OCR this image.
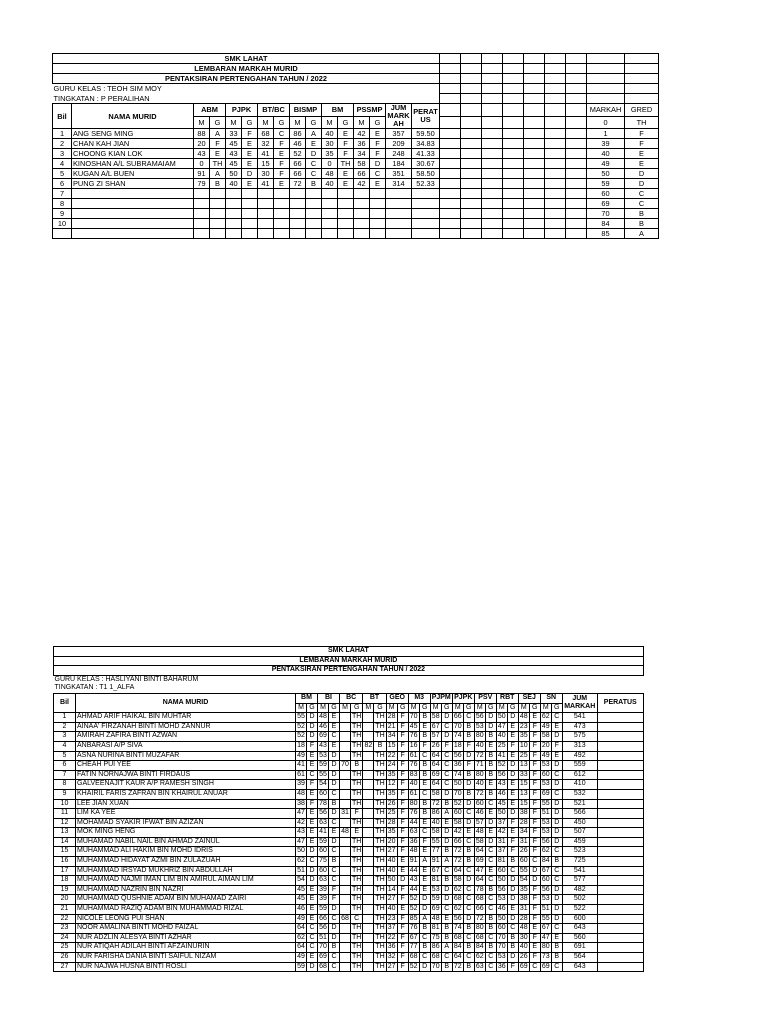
SMK LAHAT																								
LEMBARAN MARKAH MURID																								
PENTAKSIRAN PERTENGAHAN TAHUN / 2022																								
GURU KELAS : TEOH SIM MOY																								
TINGKATAN : P PERALIHAN																								
Bil	NAMA MURID	ABM		PJPK		BT/BC		BISMP		BM		PSSMP		JUM MARK AH	PERAT US								MARKAH	GRED
		M	G	M	G	M	G	M	G	M	G	M	G										0	TH
1	ANG SENG MING	88	A	33	F	68	C	86	A	40	E	42	E	357	59.50								1	F
2	CHAN KAH JIAN	20	F	45	E	32	F	46	E	30	F	36	F	209	34.83								39	F
3	CHOONG KIAN LOK	43	E	43	E	41	E	52	D	35	F	34	F	248	41.33								40	E
4	KINOSHAN A/L SUBRAMAIAM	0	TH	45	E	15	F	66	C	0	TH	58	D	184	30.67								49	E
5	KUGAN A/L BUEN	91	A	50	D	30	F	66	C	48	E	66	C	351	58.50								50	D
6	PUNG ZI SHAN	79	B	40	E	41	E	72	B	40	E	42	E	314	52.33								59	D
7																							60	C
8																							69	C
9																							70	B
10																							84	B
																							85	A
SMK LAHAT																											
LEMBARAN MARKAH MURID																											
PENTAKSIRAN PERTENGAHAN TAHUN / 2022																											
GURU KELAS : HASLIYANI BINTI BAHARUM																											
TINGKATAN : T1 1_ALFA																											
Bil	NAMA MURID	BM		BI		BC		BT		GEO		M3		PJPM		PJPK		PSV		RBT		SEJ		SN		JUM MARKAH	PERATUS
		M	G	M	G	M	G	M	G	M	G	M	G	M	G	M	G	M	G	M	G	M	G	M	G		
1	AHMAD ARIF HAIKAL BIN MUHTAR	55	D	48	E		TH		TH	28	F	70	B	58	D	66	C	56	D	50	D	48	E	62	C	541	
2	AINAA' FIRZANAH BINTI MOHD ZANNUR	52	D	46	E		TH		TH	21	F	45	E	67	C	70	B	53	D	47	E	23	F	49	E	473	
3	AMIRAH ZAFIRA BINTI AZWAN	52	D	69	C		TH		TH	34	F	76	B	57	D	74	B	80	B	40	E	35	F	58	D	575	
4	ANBARASI A/P SIVA	18	F	43	E		TH	82	B	15	F	16	F	26	F	18	F	40	E	25	F	10	F	20	F	313	
5	ASNA NURINA BINTI MUZAFAR	49	E	53	D		TH		TH	22	F	61	C	64	C	56	D	72	B	41	E	25	F	49	E	492	
6	CHEAH PUI YEE	41	E	59	D	70	B		TH	24	F	76	B	64	C	36	F	71	B	52	D	13	F	53	D	559	
7	FATIN NORNAJWA BINTI FIRDAUS	61	C	55	D		TH		TH	35	F	83	B	69	C	74	B	80	B	56	D	33	F	60	C	612	
8	GALVEENAJIT KAUR A/P RAMESH SINGH	39	F	54	D		TH		TH	12	F	40	E	64	C	50	D	40	E	43	E	15	F	53	D	410	
9	KHAIRIL FARIS ZAFRAN BIN KHAIRUL ANUAR	48	E	60	C		TH		TH	35	F	61	C	58	D	70	B	72	B	46	E	13	F	69	C	532	
10	LEE JIAN XUAN	38	F	78	B		TH		TH	26	F	80	B	72	B	52	D	60	C	45	E	15	F	55	D	521	
11	LIM KA YEE	47	E	56	D	31	F		TH	25	F	76	B	86	A	60	C	46	E	50	D	38	F	51	D	566	
12	MOHAMAD SYAKIR IFWAT BIN AZIZAN	42	E	63	C		TH		TH	28	F	44	E	40	E	58	D	57	D	37	F	28	F	53	D	450	
13	MOK MING HENG	43	E	41	E	48	E		TH	35	F	63	C	58	D	42	E	48	E	42	E	34	F	53	D	507	
14	MUHAMAD NABIL NAIL BIN AHMAD ZAINUL	47	E	59	D		TH		TH	20	F	36	F	55	D	66	C	58	D	31	F	31	F	56	D	459	
15	MUHAMMAD ALI HAKIM BIN MOHD IDRIS	50	D	60	C		TH		TH	27	F	48	E	77	B	72	B	64	C	37	F	26	F	62	C	523	
16	MUHAMMAD HIDAYAT AZMI BIN ZULAZUAH	62	C	75	B		TH		TH	40	E	91	A	91	A	72	B	69	C	81	B	60	C	84	B	725	
17	MUHAMMAD IRSYAD MUKHRIZ BIN ABDULLAH	51	D	60	C		TH		TH	40	E	44	E	67	C	64	C	47	E	60	C	55	D	67	C	541	
18	MUHAMMAD NAJMI IMAN LIM BIN AMIRUL AIMAN LIM	54	D	63	C		TH		TH	50	D	43	E	81	B	58	D	64	C	50	D	54	D	60	C	577	
19	MUHAMMAD NAZRIN BIN NAZRI	45	E	39	F		TH		TH	14	F	44	E	53	D	62	C	78	B	56	D	35	F	56	D	482	
20	MUHAMMAD QUSHNIE ADAM BIN MUHAMAD ZAIRI	45	E	39	F		TH		TH	27	F	52	D	59	D	68	C	68	C	53	D	38	F	53	D	502	
21	MUHAMMAD RAZIQ ADAM BIN MUHAMMAD RIZAL	46	E	59	D		TH		TH	40	E	52	D	69	C	62	C	66	C	46	E	31	F	51	D	522	
22	NICOLE LEONG PUI SHAN	49	E	66	C	68	C		TH	23	F	85	A	48	E	56	D	72	B	50	D	28	F	55	D	600	
23	NOOR AMALINA BINTI MOHD FAIZAL	64	C	56	D		TH		TH	37	F	76	B	81	B	74	B	80	B	60	C	48	E	67	C	643	
24	NUR ADZLIN ALESYA BINTI AZHAR	62	C	51	D		TH		TH	22	F	67	C	75	B	68	C	68	C	70	B	30	F	47	E	560	
25	NUR ATIQAH ADILAH BINTI AFZAINURIN	64	C	70	B		TH		TH	36	F	77	B	86	A	84	B	84	B	70	B	40	E	80	B	691	
26	NUR FARISHA DANIA BINTI SAIFUL NIZAM	49	E	69	C		TH		TH	32	F	68	C	68	C	64	C	62	C	53	D	26	F	73	B	564	
27	NUR NAJWA HUSNA BINTI ROSLI	59	D	68	C		TH		TH	27	F	52	D	70	B	72	B	63	C	36	F	69	C	69	C	643	
